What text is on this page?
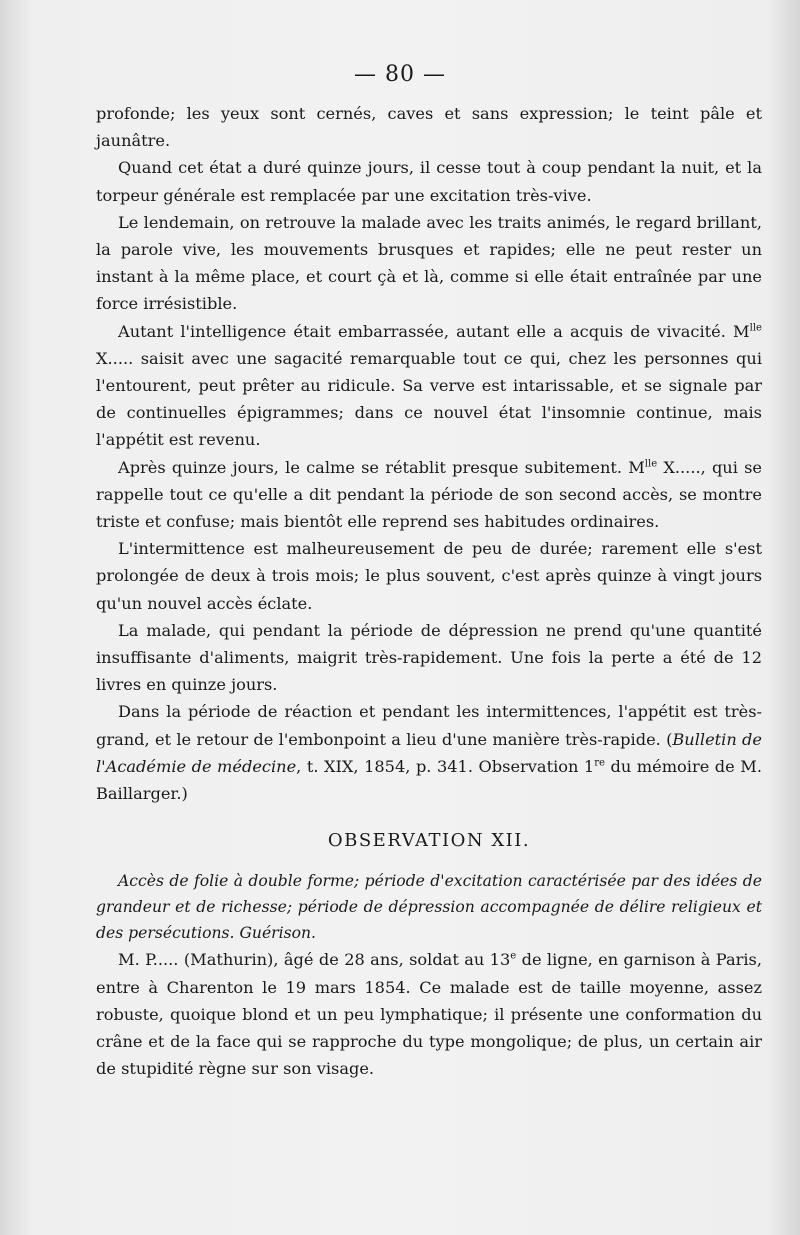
— 80 —

profonde; les yeux sont cernés, caves et sans expression; le teint pâle et jaunâtre.

Quand cet état a duré quinze jours, il cesse tout à coup pendant la nuit, et la torpeur générale est remplacée par une excitation très-vive.

Le lendemain, on retrouve la malade avec les traits animés, le regard brillant, la parole vive, les mouvements brusques et rapides; elle ne peut rester un instant à la même place, et court çà et là, comme si elle était entraînée par une force irrésistible.

Autant l'intelligence était embarrassée, autant elle a acquis de vivacité. $M^{lle}$ X..... saisit avec une sagacité remarquable tout ce qui, chez les personnes qui l'entourent, peut prêter au ridicule. Sa verve est intarissable, et se signale par de continuelles épigrammes; dans ce nouvel état l'insomnie continue, mais l'appétit est revenu.

Après quinze jours, le calme se rétablit presque subitement. $M^{lle}$ X....., qui se rappelle tout ce qu'elle a dit pendant la période de son second accès, se montre triste et confuse; mais bientôt elle reprend ses habitudes ordinaires.

L'intermittence est malheureusement de peu de durée; rarement elle s'est prolongée de deux à trois mois; le plus souvent, c'est après quinze à vingt jours qu'un nouvel accès éclate.

La malade, qui pendant la période de dépression ne prend qu'une quantité insuffisante d'aliments, maigrit très-rapidement. Une fois la perte a été de 12 livres en quinze jours.

Dans la période de réaction et pendant les intermittences, l'appétit est très-grand, et le retour de l'embonpoint a lieu d'une manière très-rapide. (Bulletin de l'Académie de médecine, t. XIX, 1854, p. 341. Observation 1re du mémoire de M. Baillarger.)

OBSERVATION XII.

Accès de folie à double forme; période d'excitation caractérisée par des idées de grandeur et de richesse; période de dépression accompagnée de délire religieux et des persécutions. Guérison.

M. P..... (Mathurin), âgé de 28 ans, soldat au 13e de ligne, en garnison à Paris, entre à Charenton le 19 mars 1854. Ce malade est de taille moyenne, assez robuste, quoique blond et un peu lymphatique; il présente une conformation du crâne et de la face qui se rapproche du type mongolique; de plus, un certain air de stupidité règne sur son visage.
